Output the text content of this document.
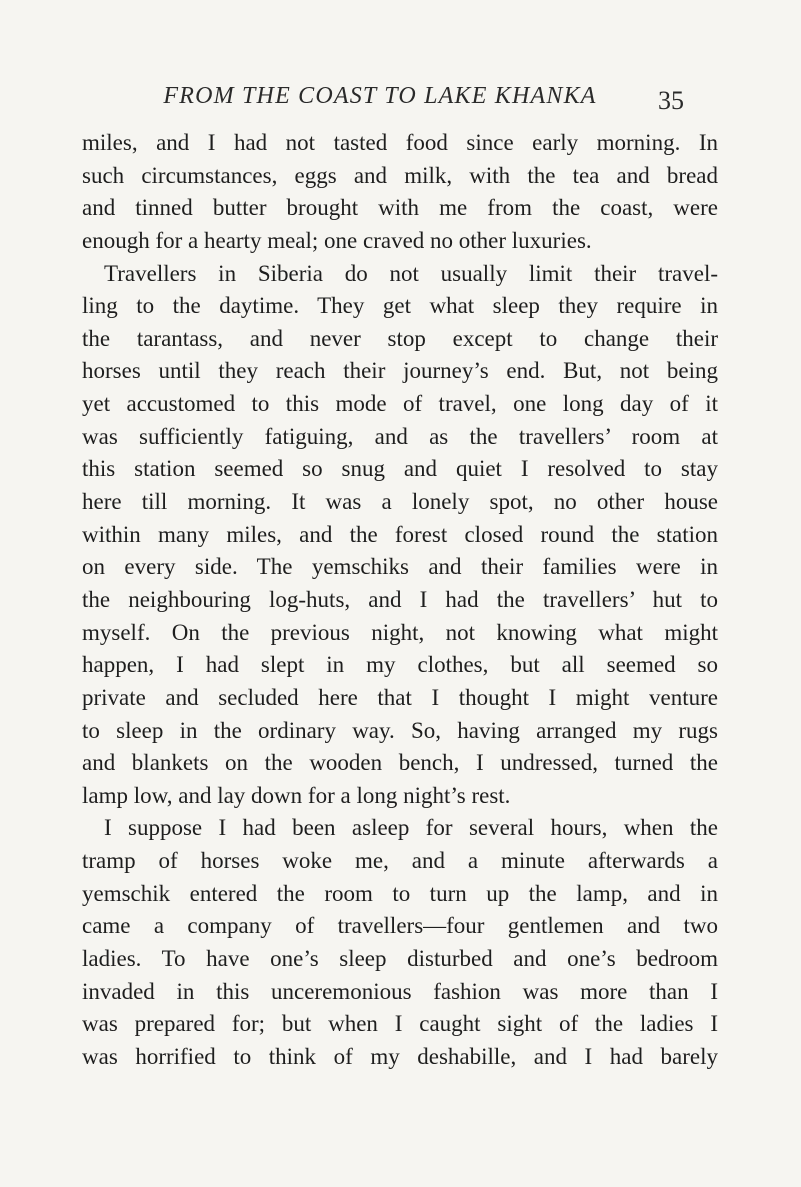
FROM THE COAST TO LAKE KHANKA	35
miles, and I had not tasted food since early morning. In
such circumstances, eggs and milk, with the tea and bread
and tinned butter brought with me from the coast, were
enough for a hearty meal; one craved no other luxuries.
Travellers in Siberia do not usually limit their travel-
ling to the daytime. They get what sleep they require in
the tarantass, and never stop except to change their
horses until they reach their journey’s end. But, not being
yet accustomed to this mode of travel, one long day of it
was sufficiently fatiguing, and as the travellers’ room at
this station seemed so snug and quiet I resolved to stay
here till morning. It was a lonely spot, no other house
within many miles, and the forest closed round the station
on every side. The yemschiks and their families were in
the neighbouring log-huts, and I had the travellers’ hut to
myself. On the previous night, not knowing what might
happen, I had slept in my clothes, but all seemed so
private and secluded here that I thought I might venture
to sleep in the ordinary way. So, having arranged my rugs
and blankets on the wooden bench, I undressed, turned the
lamp low, and lay down for a long night’s rest.
I suppose I had been asleep for several hours, when the
tramp of horses woke me, and a minute afterwards a
yemschik entered the room to turn up the lamp, and in
came a company of travellers—four gentlemen and two
ladies. To have one’s sleep disturbed and one’s bedroom
invaded in this unceremonious fashion was more than I
was prepared for; but when I caught sight of the ladies I
was horrified to think of my deshabille, and I had barely
